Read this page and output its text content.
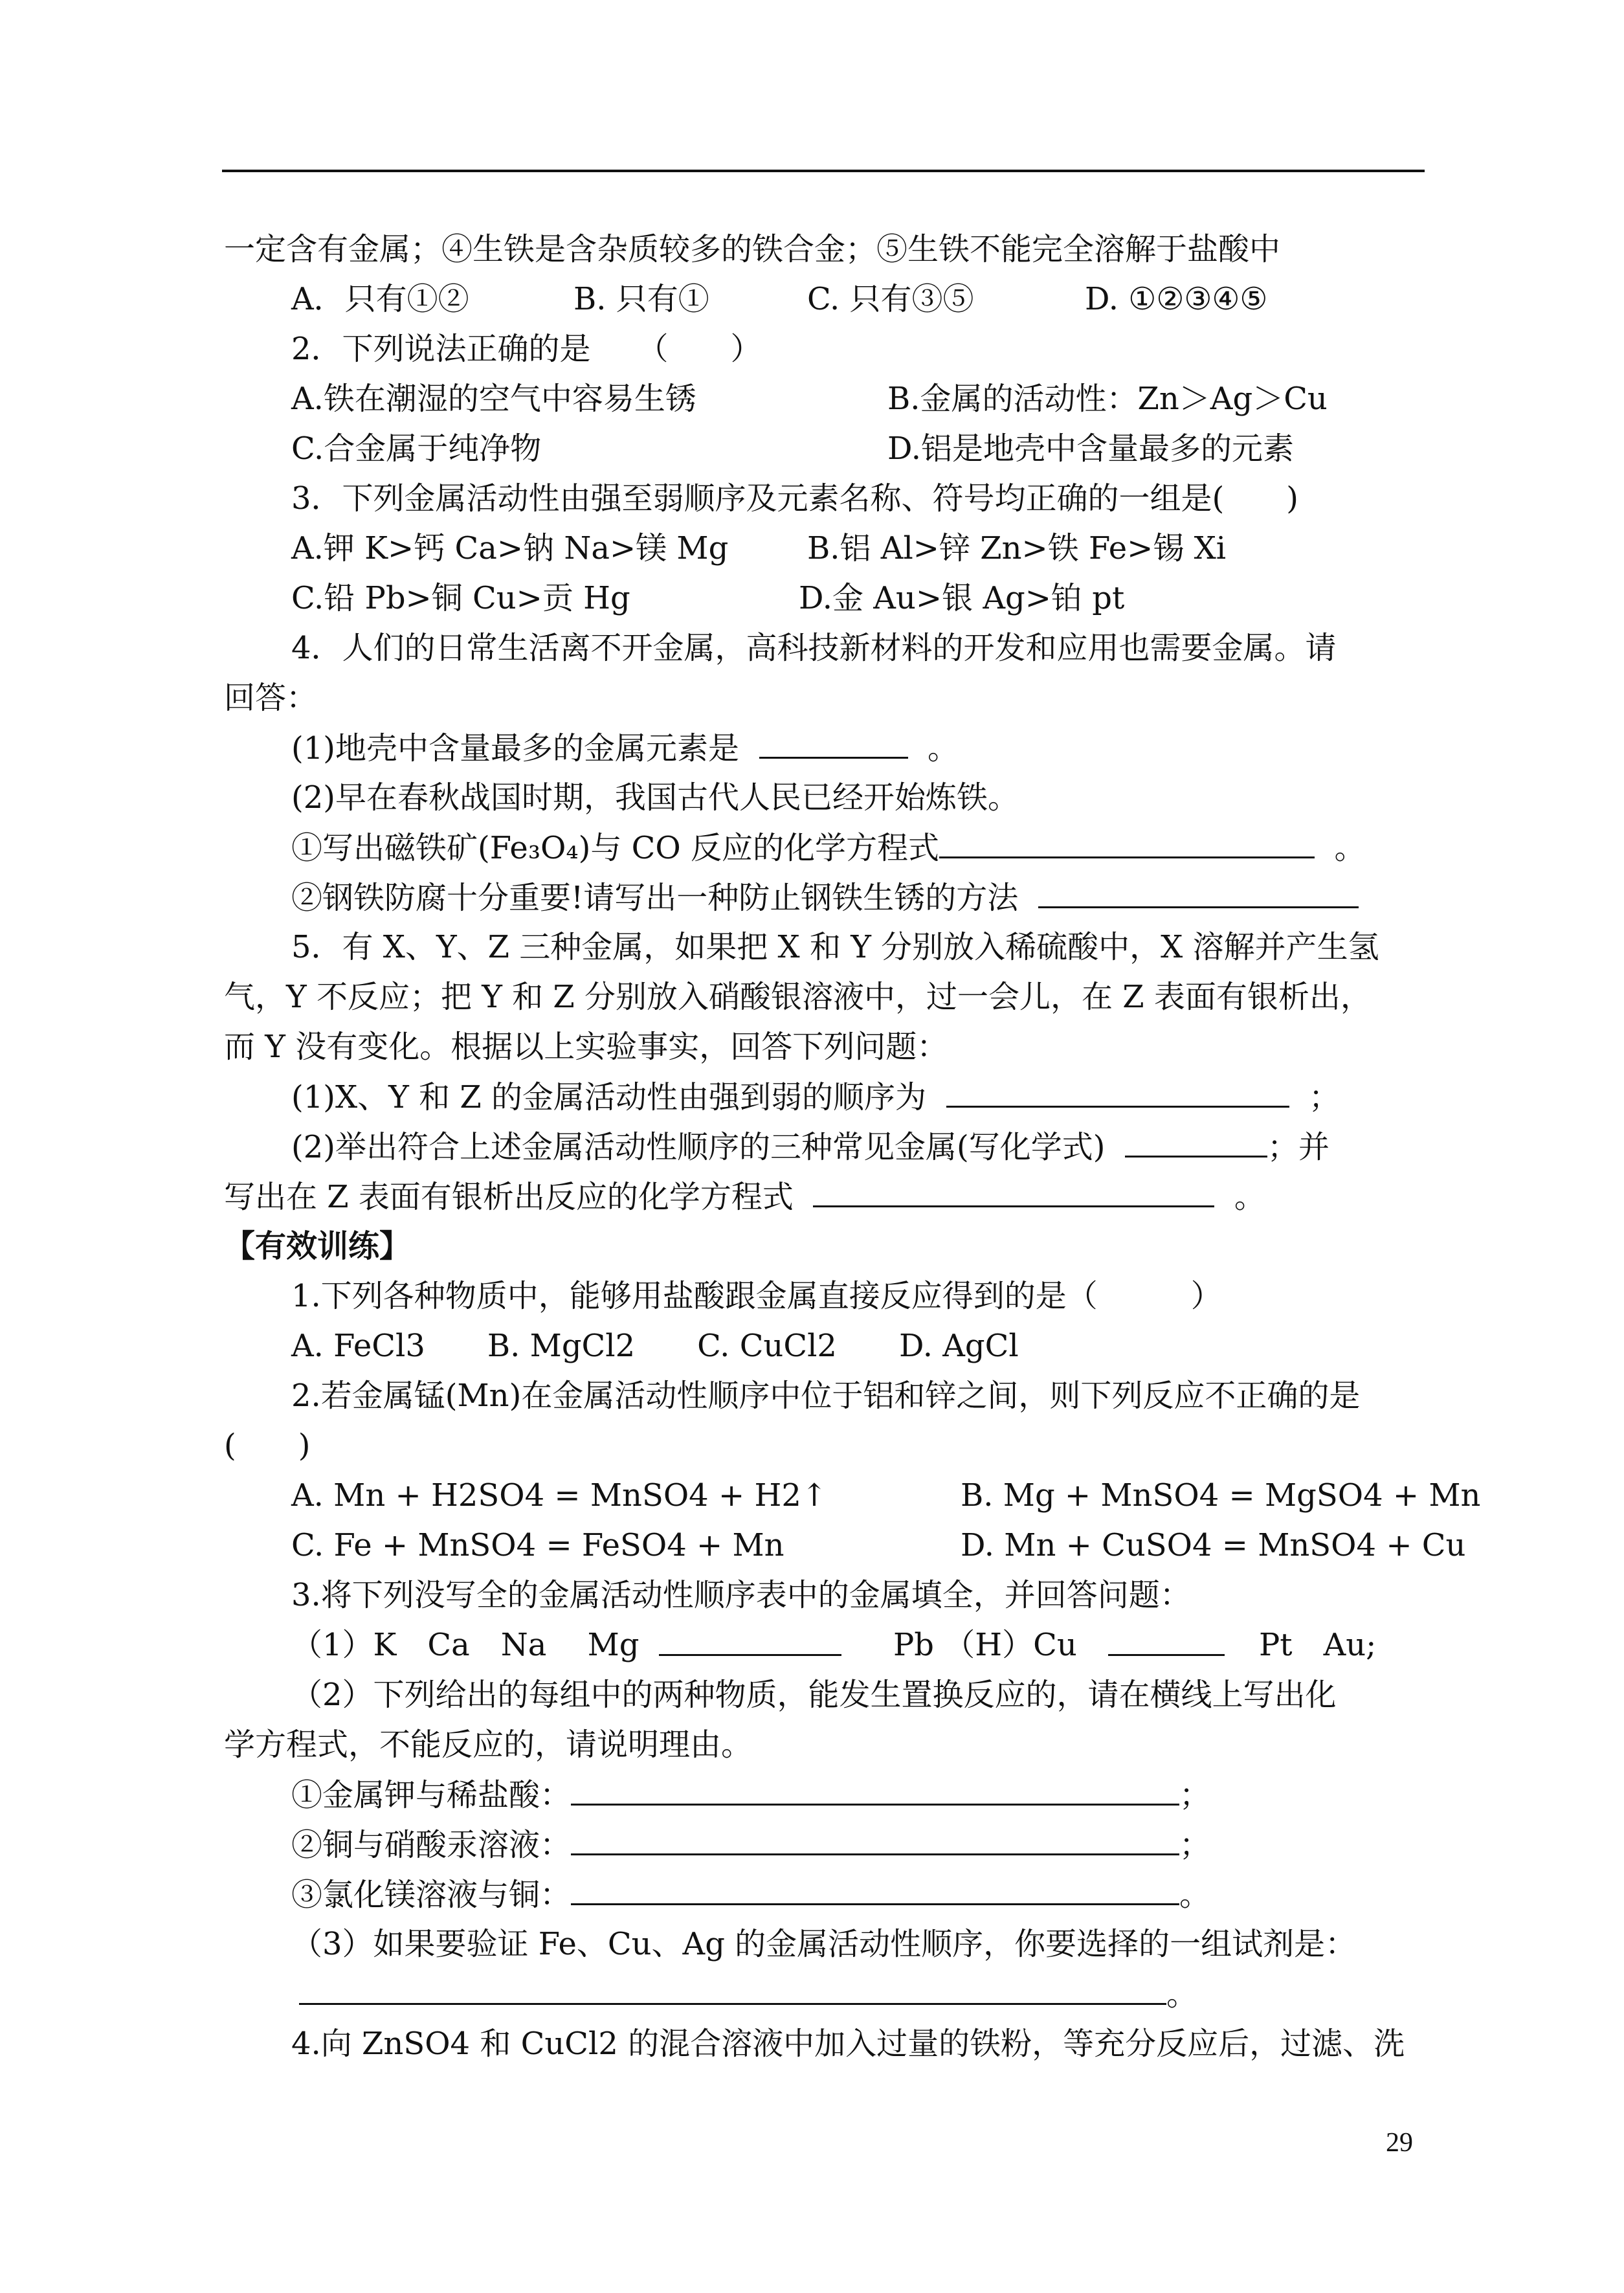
一定含有金属；④生铁是含杂质较多的铁合金；⑤生铁不能完全溶解于盐酸中
A．只有①②	B. 只有①	C. 只有③⑤	D. ①②③④⑤
2．下列说法正确的是　　（　　）
A.铁在潮湿的空气中容易生锈	B.金属的活动性：Zn＞Ag＞Cu
C.合金属于纯净物	D.铝是地壳中含量最多的元素
3．下列金属活动性由强至弱顺序及元素名称、符号均正确的一组是(　　)
A.钾 K>钙 Ca>钠 Na>镁 Mg	B.铝 Al>锌 Zn>铁 Fe>锡 Xi
C.铅 Pb>铜 Cu>贡 Hg	D.金 Au>银 Ag>铂 pt
4．人们的日常生活离不开金属，高科技新材料的开发和应用也需要金属。请
回答：
(1)地壳中含量最多的金属元素是	。
(2)早在春秋战国时期，我国古代人民已经开始炼铁。
①写出磁铁矿(Fe₃O₄)与 CO 反应的化学方程式	。
②钢铁防腐十分重要!请写出一种防止钢铁生锈的方法
5．有 X、Y、Z 三种金属，如果把 X 和 Y 分别放入稀硫酸中，X 溶解并产生氢
气，Y 不反应；把 Y 和 Z 分别放入硝酸银溶液中，过一会儿，在 Z 表面有银析出，
而 Y 没有变化。根据以上实验事实，回答下列问题：
(1)X、Y 和 Z 的金属活动性由强到弱的顺序为	；
(2)举出符合上述金属活动性顺序的三种常见金属(写化学式)	；并
写出在 Z 表面有银析出反应的化学方程式	。
【有效训练】
1.下列各种物质中，能够用盐酸跟金属直接反应得到的是（　　　）
A. FeCl3　　B. MgCl2　　C. CuCl2　　D. AgCl
2.若金属锰(Mn)在金属活动性顺序中位于铝和锌之间，则下列反应不正确的是
(　　)
A. Mn + H2SO4 = MnSO4 + H2↑	B. Mg + MnSO4 = MgSO4 + Mn
C. Fe + MnSO4 = FeSO4 + Mn	D. Mn + CuSO4 = MnSO4 + Cu
3.将下列没写全的金属活动性顺序表中的金属填全，并回答问题：
（1）K　Ca　Na　 Mg	Pb （H）Cu	Pt　Au;
（2）下列给出的每组中的两种物质，能发生置换反应的，请在横线上写出化
学方程式，不能反应的，请说明理由。
①金属钾与稀盐酸：	；
②铜与硝酸汞溶液：	；
③氯化镁溶液与铜：	。
（3）如果要验证 Fe、Cu、Ag 的金属活动性顺序，你要选择的一组试剂是：
。
4.向 ZnSO4 和 CuCl2 的混合溶液中加入过量的铁粉，等充分反应后，过滤、洗
29
